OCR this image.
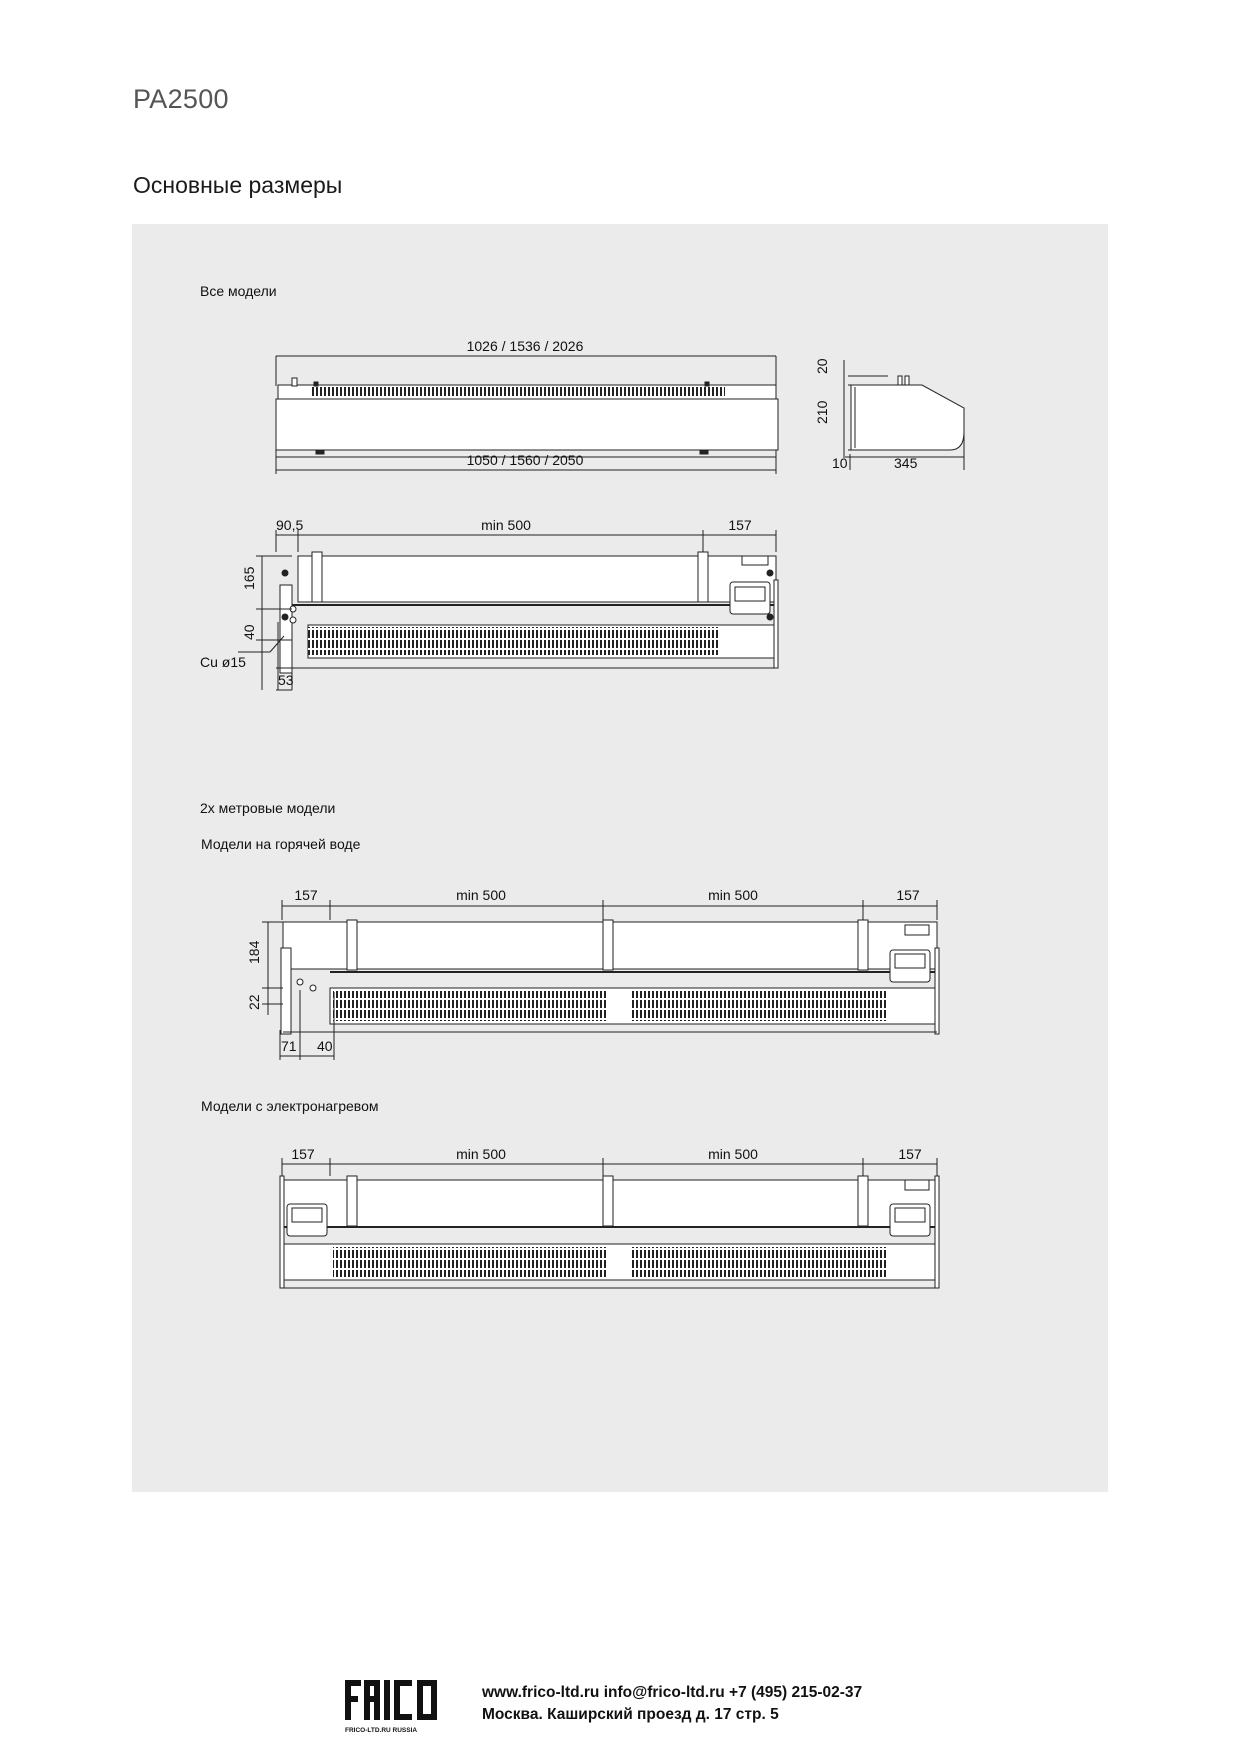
PA2500
Основные размеры
Все модели
2х метровые модели
Модели на горячей воде
Модели с электронагревом
1026 / 1536 / 2026
1050 / 1560 / 2050
20
210
10	345
90,5	min 500	157
165
40
Cu ø15
53
157	min 500	min 500	157
184
22
71 40
157	min 500	min 500	157
FRICO-LTD.RU RUSSIA
www.frico-ltd.ru info@frico-ltd.ru +7 (495) 215-02-37
Москва. Каширский проезд д. 17 стр. 5
